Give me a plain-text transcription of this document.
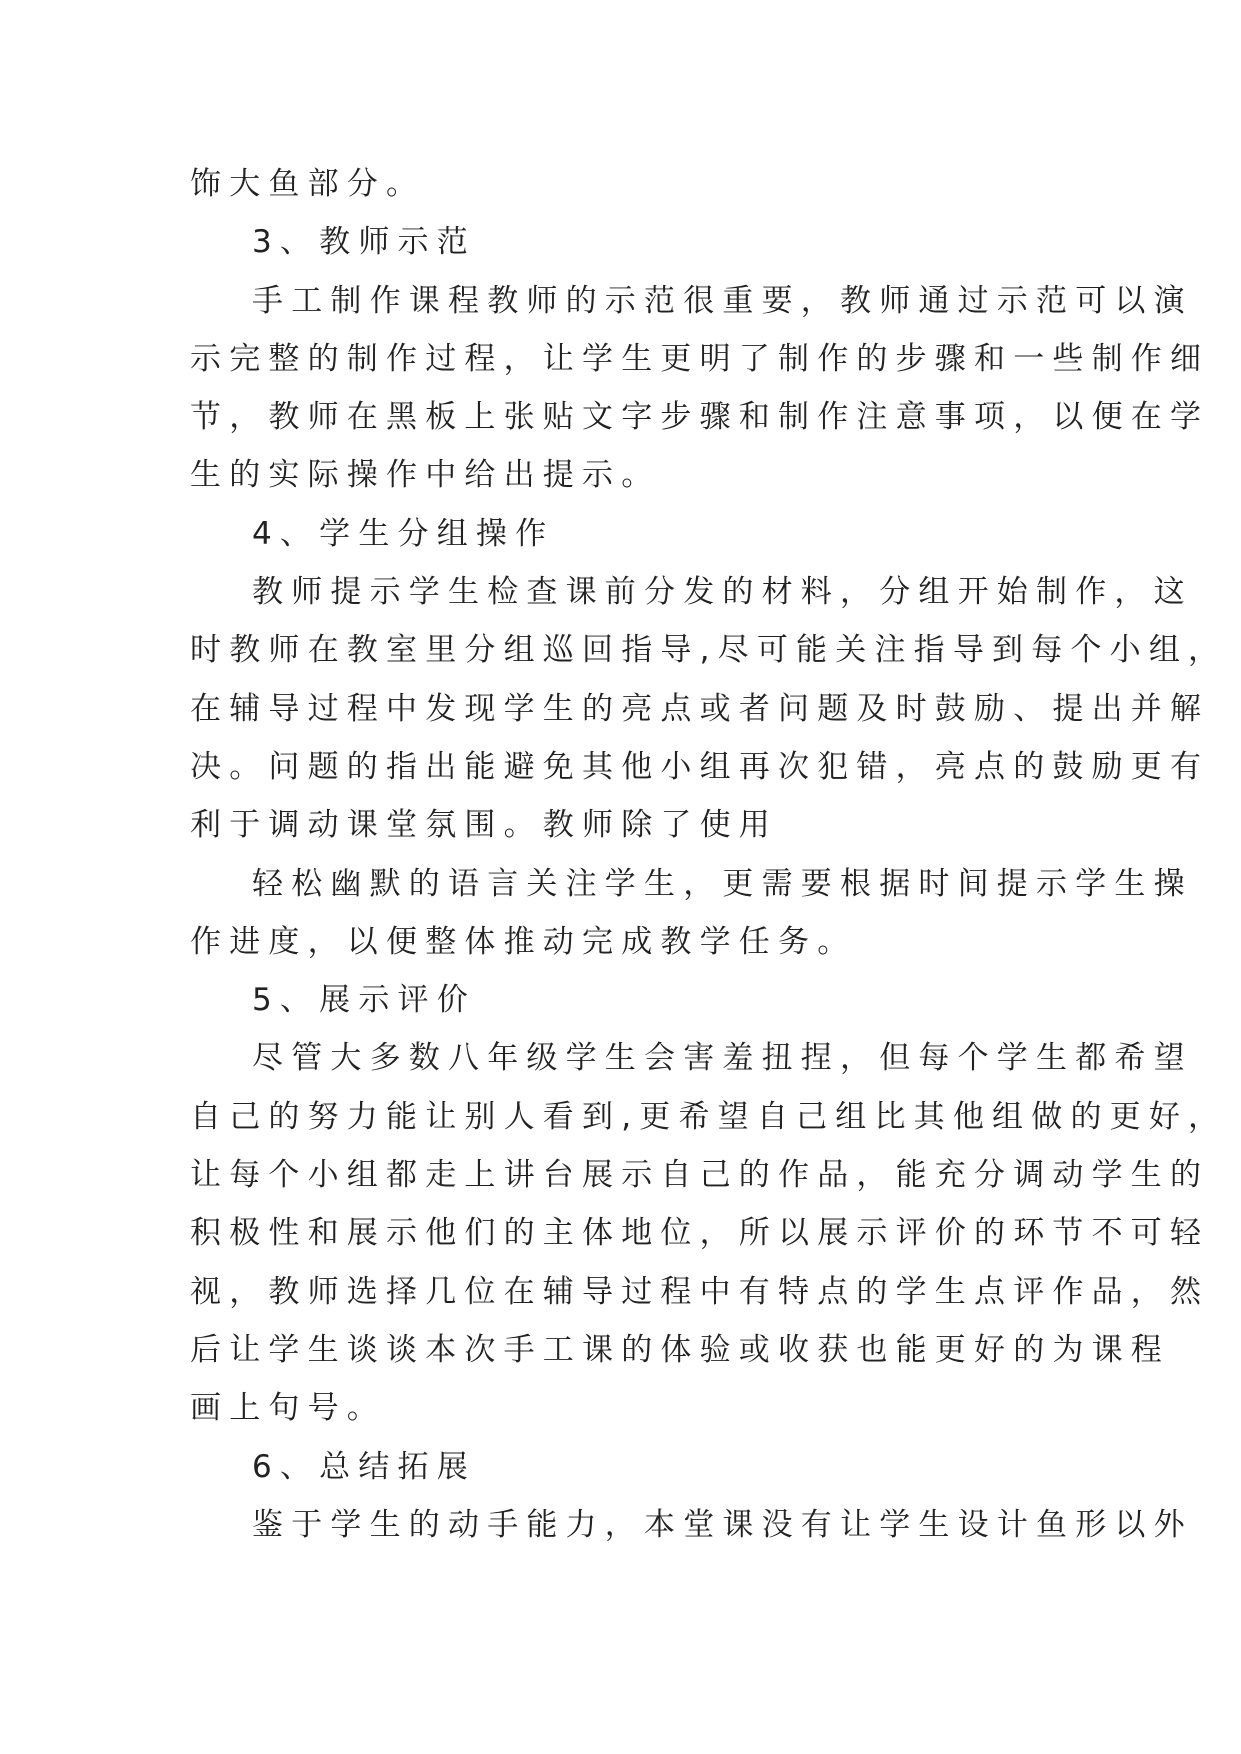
饰大鱼部分。
3、教师示范
手工制作课程教师的示范很重要，教师通过示范可以演
示完整的制作过程，让学生更明了制作的步骤和一些制作细
节，教师在黑板上张贴文字步骤和制作注意事项，以便在学
生的实际操作中给出提示。
4、学生分组操作
教师提示学生检查课前分发的材料，分组开始制作，这
时教师在教室里分组巡回指导,尽可能关注指导到每个小组，
在辅导过程中发现学生的亮点或者问题及时鼓励、提出并解
决。问题的指出能避免其他小组再次犯错，亮点的鼓励更有
利于调动课堂氛围。教师除了使用
轻松幽默的语言关注学生，更需要根据时间提示学生操
作进度，以便整体推动完成教学任务。
5、展示评价
尽管大多数八年级学生会害羞扭捏，但每个学生都希望
自己的努力能让别人看到,更希望自己组比其他组做的更好，
让每个小组都走上讲台展示自己的作品，能充分调动学生的
积极性和展示他们的主体地位，所以展示评价的环节不可轻
视，教师选择几位在辅导过程中有特点的学生点评作品，然
后让学生谈谈本次手工课的体验或收获也能更好的为课程
画上句号。
6、总结拓展
鉴于学生的动手能力，本堂课没有让学生设计鱼形以外
